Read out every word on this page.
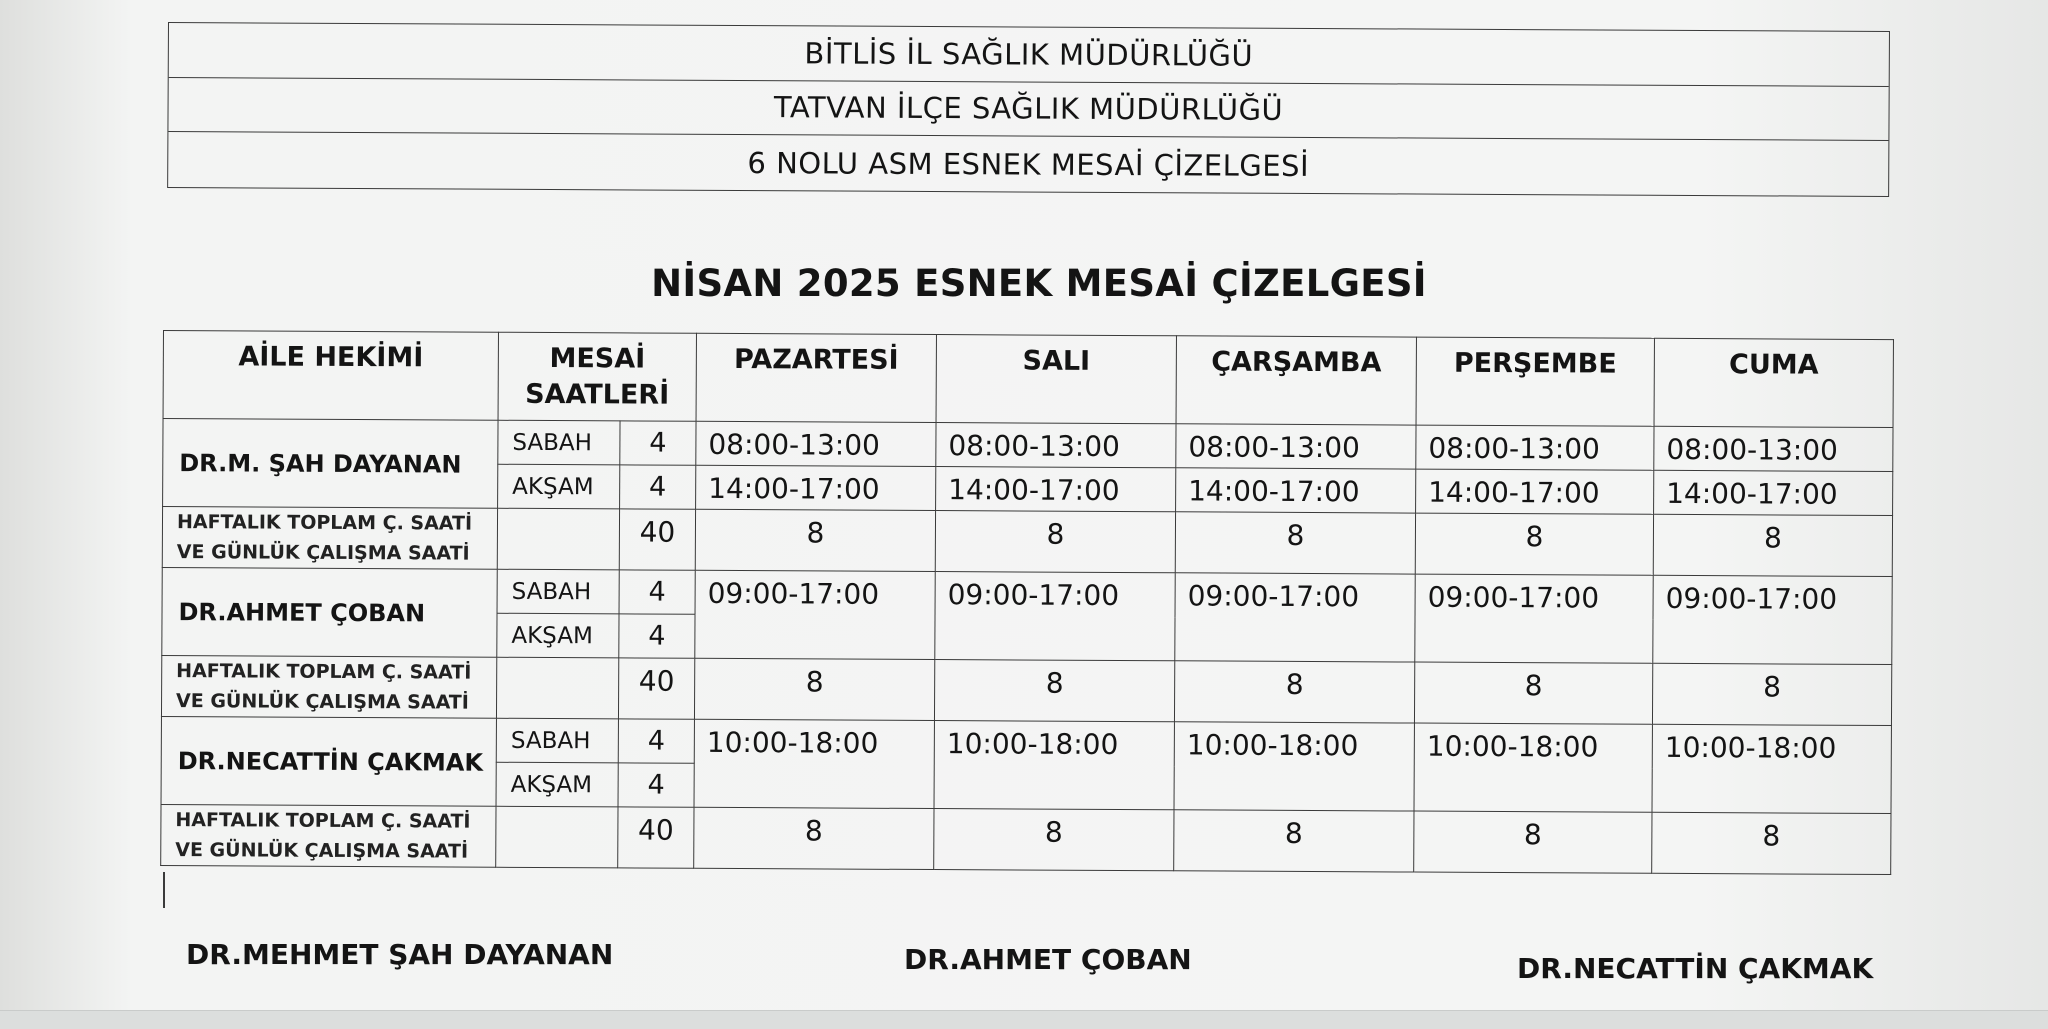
BİTLİS İL SAĞLIK MÜDÜRLÜĞÜ
TATVAN İLÇE SAĞLIK MÜDÜRLÜĞÜ
6 NOLU ASM ESNEK MESAİ ÇİZELGESİ
NİSAN 2025 ESNEK MESAİ ÇİZELGESİ
AİLE HEKİMİ	MESAİ SAATLERİ		PAZARTESİ	SALI	ÇARŞAMBA	PERŞEMBE	CUMA
DR.M. ŞAH DAYANAN	SABAH	4	08:00-13:00	08:00-13:00	08:00-13:00	08:00-13:00	08:00-13:00
	AKŞAM	4	14:00-17:00	14:00-17:00	14:00-17:00	14:00-17:00	14:00-17:00
HAFTALIK TOPLAM Ç. SAATİ
VE GÜNLÜK ÇALIŞMA SAATİ		40	8	8	8	8	8
DR.AHMET ÇOBAN	SABAH	4	09:00-17:00	09:00-17:00	09:00-17:00	09:00-17:00	09:00-17:00
	AKŞAM	4					
HAFTALIK TOPLAM Ç. SAATİ
VE GÜNLÜK ÇALIŞMA SAATİ		40	8	8	8	8	8
DR.NECATTİN ÇAKMAK	SABAH	4	10:00-18:00	10:00-18:00	10:00-18:00	10:00-18:00	10:00-18:00
	AKŞAM	4					
HAFTALIK TOPLAM Ç. SAATİ
VE GÜNLÜK ÇALIŞMA SAATİ		40	8	8	8	8	8
DR.MEHMET ŞAH DAYANAN	DR.AHMET ÇOBAN	DR.NECATTİN ÇAKMAK
